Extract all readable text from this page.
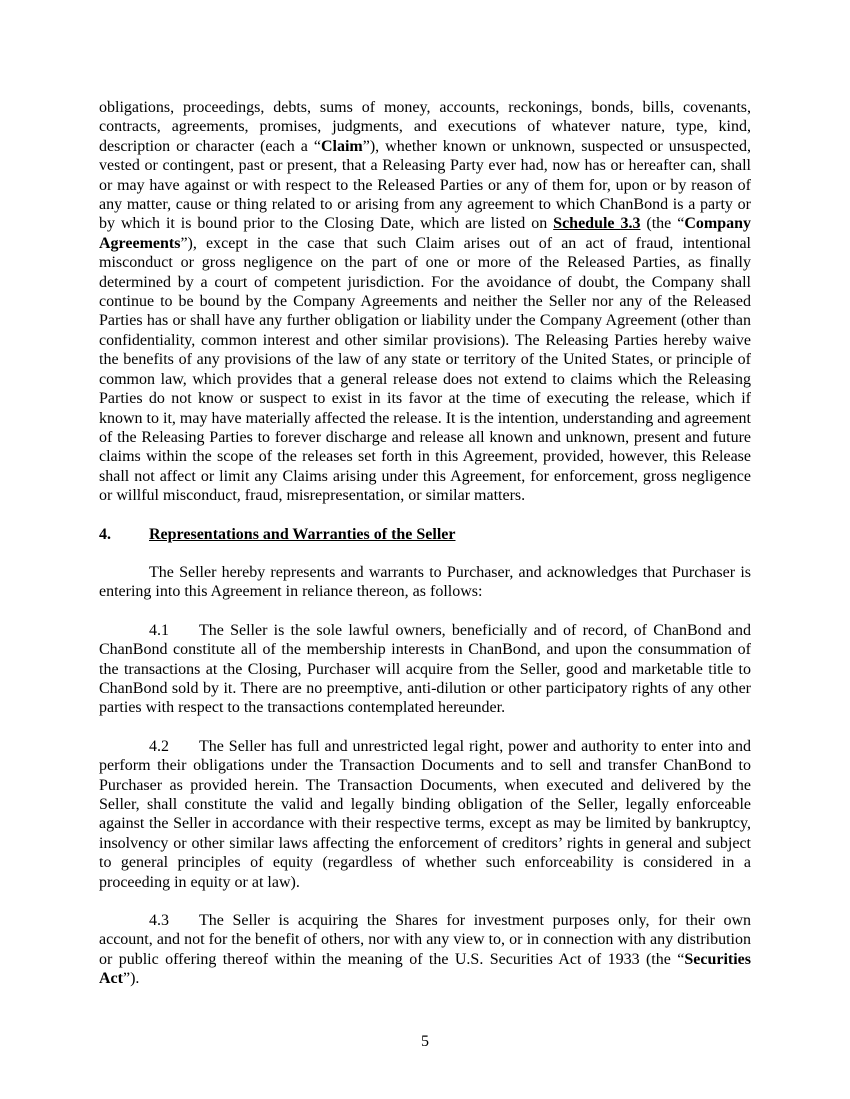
obligations, proceedings, debts, sums of money, accounts, reckonings, bonds, bills, covenants, contracts, agreements, promises, judgments, and executions of whatever nature, type, kind, description or character (each a “Claim”), whether known or unknown, suspected or unsuspected, vested or contingent, past or present, that a Releasing Party ever had, now has or hereafter can, shall or may have against or with respect to the Released Parties or any of them for, upon or by reason of any matter, cause or thing related to or arising from any agreement to which ChanBond is a party or by which it is bound prior to the Closing Date, which are listed on Schedule 3.3 (the “Company Agreements”), except in the case that such Claim arises out of an act of fraud, intentional misconduct or gross negligence on the part of one or more of the Released Parties, as finally determined by a court of competent jurisdiction. For the avoidance of doubt, the Company shall continue to be bound by the Company Agreements and neither the Seller nor any of the Released Parties has or shall have any further obligation or liability under the Company Agreement (other than confidentiality, common interest and other similar provisions). The Releasing Parties hereby waive the benefits of any provisions of the law of any state or territory of the United States, or principle of common law, which provides that a general release does not extend to claims which the Releasing Parties do not know or suspect to exist in its favor at the time of executing the release, which if known to it, may have materially affected the release. It is the intention, understanding and agreement of the Releasing Parties to forever discharge and release all known and unknown, present and future claims within the scope of the releases set forth in this Agreement, provided, however, this Release shall not affect or limit any Claims arising under this Agreement, for enforcement, gross negligence or willful misconduct, fraud, misrepresentation, or similar matters.

4. Representations and Warranties of the Seller

The Seller hereby represents and warrants to Purchaser, and acknowledges that Purchaser is entering into this Agreement in reliance thereon, as follows:

4.1 The Seller is the sole lawful owners, beneficially and of record, of ChanBond and ChanBond constitute all of the membership interests in ChanBond, and upon the consummation of the transactions at the Closing, Purchaser will acquire from the Seller, good and marketable title to ChanBond sold by it. There are no preemptive, anti-dilution or other participatory rights of any other parties with respect to the transactions contemplated hereunder.

4.2 The Seller has full and unrestricted legal right, power and authority to enter into and perform their obligations under the Transaction Documents and to sell and transfer ChanBond to Purchaser as provided herein. The Transaction Documents, when executed and delivered by the Seller, shall constitute the valid and legally binding obligation of the Seller, legally enforceable against the Seller in accordance with their respective terms, except as may be limited by bankruptcy, insolvency or other similar laws affecting the enforcement of creditors’ rights in general and subject to general principles of equity (regardless of whether such enforceability is considered in a proceeding in equity or at law).

4.3 The Seller is acquiring the Shares for investment purposes only, for their own account, and not for the benefit of others, nor with any view to, or in connection with any distribution or public offering thereof within the meaning of the U.S. Securities Act of 1933 (the “Securities Act”).

5
